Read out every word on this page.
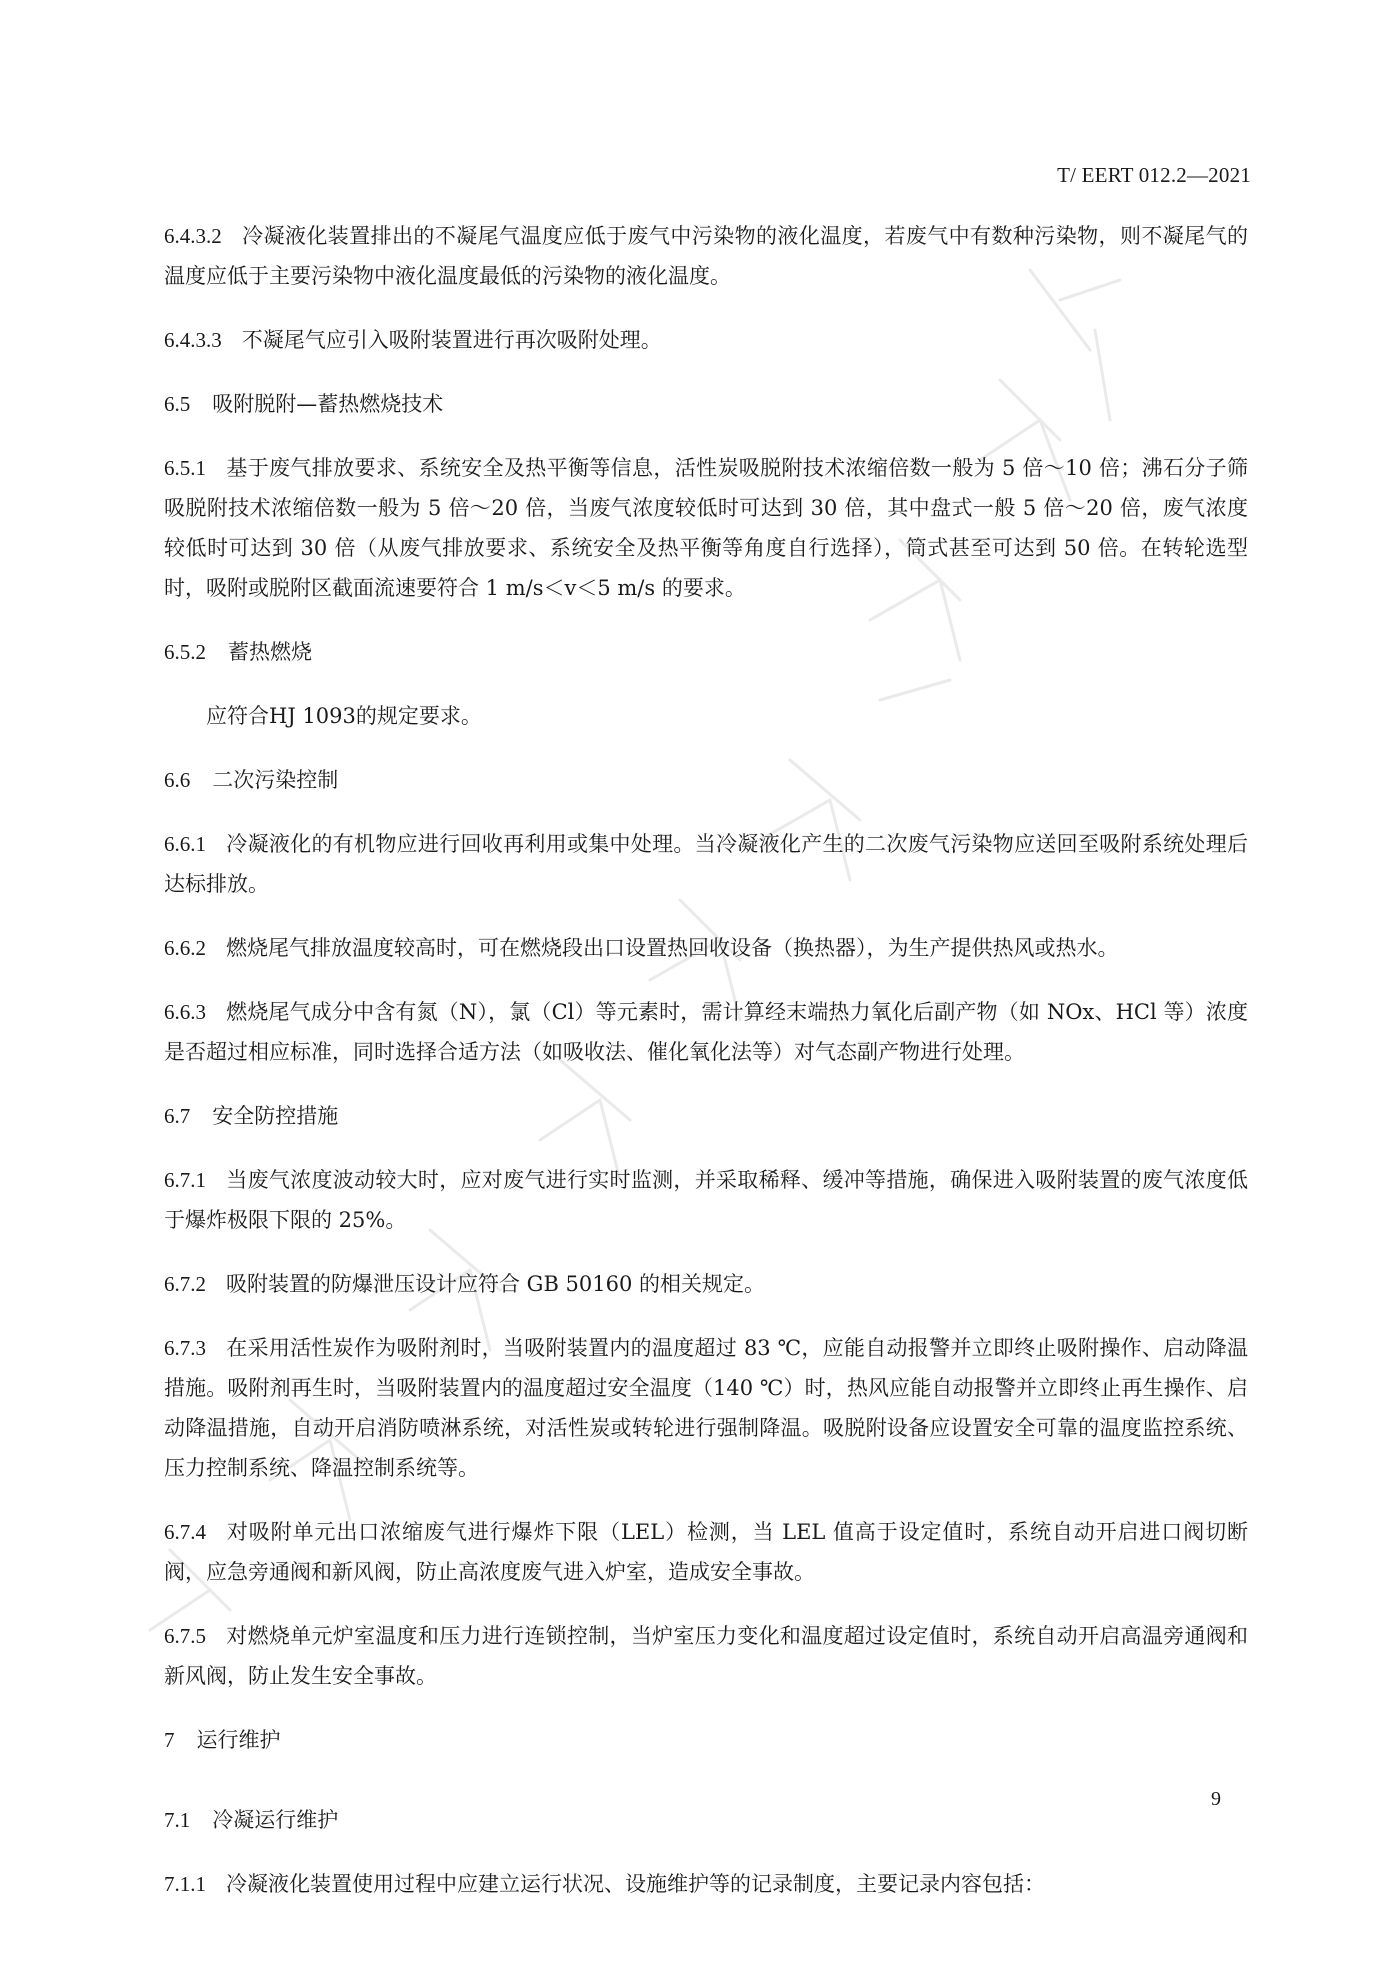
T/ EERT 012.2—2021
6.4.3.2 冷凝液化装置排出的不凝尾气温度应低于废气中污染物的液化温度，若废气中有数种污染物，则不凝尾气的温度应低于主要污染物中液化温度最低的污染物的液化温度。
6.4.3.3 不凝尾气应引入吸附装置进行再次吸附处理。
6.5 吸附脱附—蓄热燃烧技术
6.5.1 基于废气排放要求、系统安全及热平衡等信息，活性炭吸脱附技术浓缩倍数一般为 5 倍～10 倍；沸石分子筛吸脱附技术浓缩倍数一般为 5 倍～20 倍，当废气浓度较低时可达到 30 倍，其中盘式一般 5 倍～20 倍，废气浓度较低时可达到 30 倍（从废气排放要求、系统安全及热平衡等角度自行选择），筒式甚至可达到 50 倍。在转轮选型时，吸附或脱附区截面流速要符合 1 m/s＜v＜5 m/s 的要求。
6.5.2 蓄热燃烧
应符合HJ 1093的规定要求。
6.6 二次污染控制
6.6.1 冷凝液化的有机物应进行回收再利用或集中处理。当冷凝液化产生的二次废气污染物应送回至吸附系统处理后达标排放。
6.6.2 燃烧尾气排放温度较高时，可在燃烧段出口设置热回收设备（换热器），为生产提供热风或热水。
6.6.3 燃烧尾气成分中含有氮（N），氯（Cl）等元素时，需计算经末端热力氧化后副产物（如 NOx、HCl 等）浓度是否超过相应标准，同时选择合适方法（如吸收法、催化氧化法等）对气态副产物进行处理。
6.7 安全防控措施
6.7.1 当废气浓度波动较大时，应对废气进行实时监测，并采取稀释、缓冲等措施，确保进入吸附装置的废气浓度低于爆炸极限下限的 25%。
6.7.2 吸附装置的防爆泄压设计应符合 GB 50160 的相关规定。
6.7.3 在采用活性炭作为吸附剂时，当吸附装置内的温度超过 83 ℃，应能自动报警并立即终止吸附操作、启动降温措施。吸附剂再生时，当吸附装置内的温度超过安全温度（140 ℃）时，热风应能自动报警并立即终止再生操作、启动降温措施，自动开启消防喷淋系统，对活性炭或转轮进行强制降温。吸脱附设备应设置安全可靠的温度监控系统、压力控制系统、降温控制系统等。
6.7.4 对吸附单元出口浓缩废气进行爆炸下限（LEL）检测，当 LEL 值高于设定值时，系统自动开启进口阀切断阀，应急旁通阀和新风阀，防止高浓度废气进入炉室，造成安全事故。
6.7.5 对燃烧单元炉室温度和压力进行连锁控制，当炉室压力变化和温度超过设定值时，系统自动开启高温旁通阀和新风阀，防止发生安全事故。
7 运行维护
7.1 冷凝运行维护
7.1.1 冷凝液化装置使用过程中应建立运行状况、设施维护等的记录制度，主要记录内容包括：
9
